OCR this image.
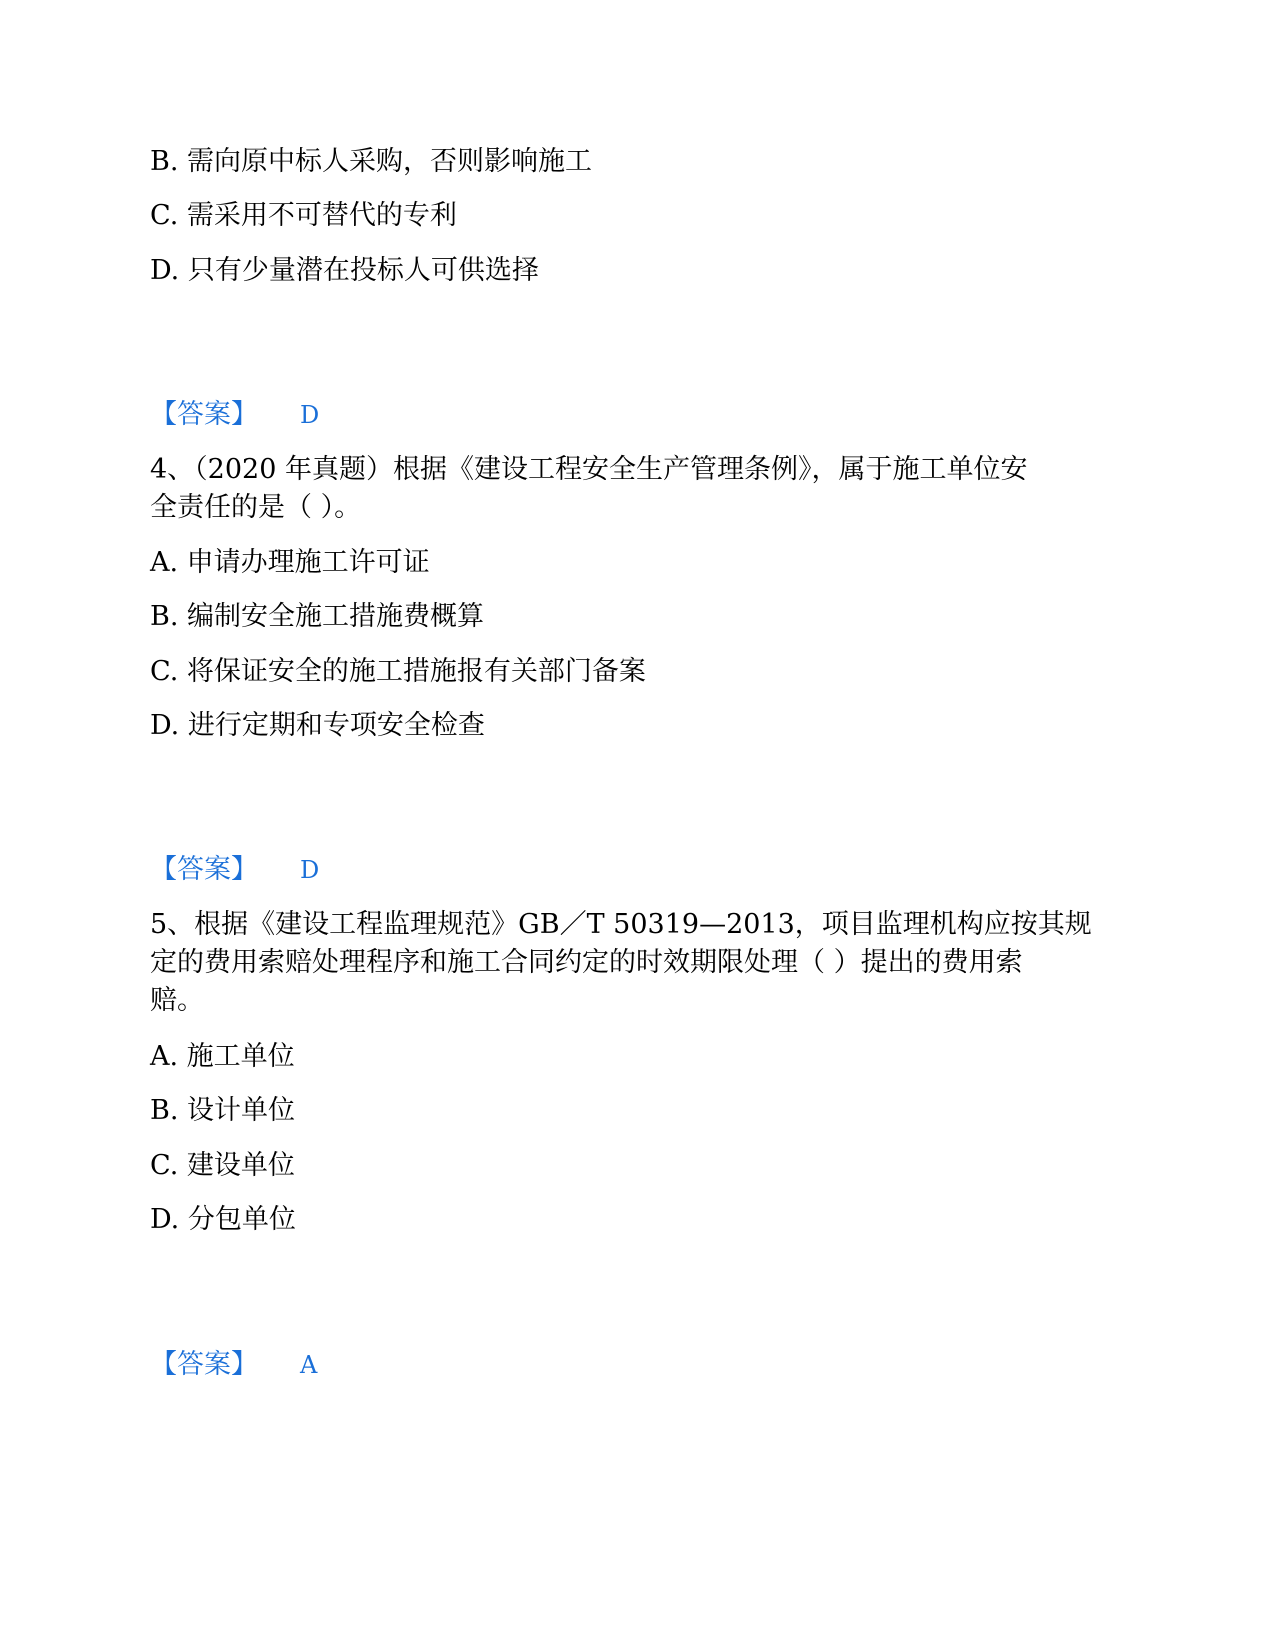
B. 需向原中标人采购，否则影响施工
C. 需采用不可替代的专利
D. 只有少量潜在投标人可供选择
【答案】 D
4、（2020 年真题）根据《建设工程安全生产管理条例》，属于施工单位安
全责任的是（ ）。
A. 申请办理施工许可证
B. 编制安全施工措施费概算
C. 将保证安全的施工措施报有关部门备案
D. 进行定期和专项安全检查
【答案】 D
5、根据《建设工程监理规范》GB／T 50319—2013，项目监理机构应按其规
定的费用索赔处理程序和施工合同约定的时效期限处理（ ）提出的费用索
赔。
A. 施工单位
B. 设计单位
C. 建设单位
D. 分包单位
【答案】 A
